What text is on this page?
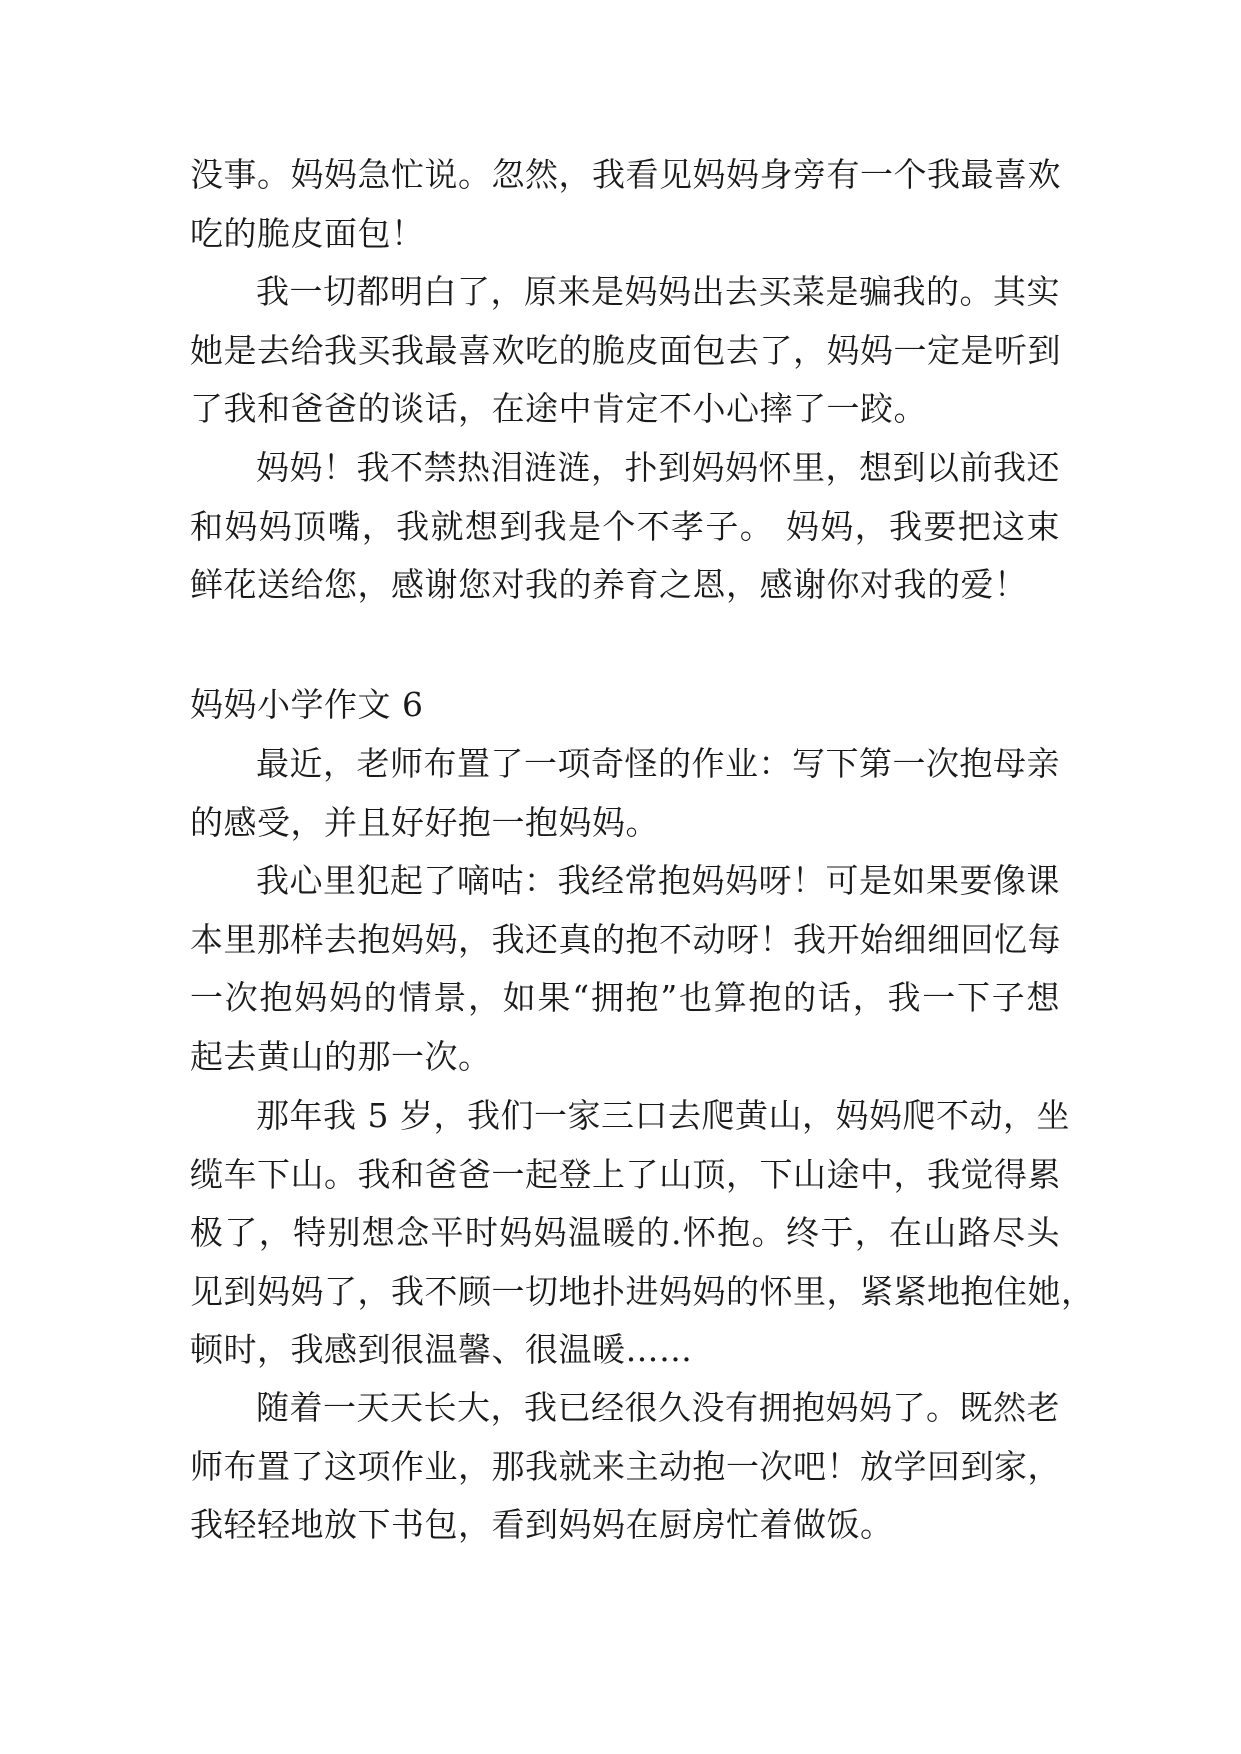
没事。妈妈急忙说。忽然，我看见妈妈身旁有一个我最喜欢
吃的脆皮面包！
我一切都明白了，原来是妈妈出去买菜是骗我的。其实
她是去给我买我最喜欢吃的脆皮面包去了，妈妈一定是听到
了我和爸爸的谈话，在途中肯定不小心摔了一跤。
妈妈！我不禁热泪涟涟，扑到妈妈怀里，想到以前我还
和妈妈顶嘴，我就想到我是个不孝子。 妈妈，我要把这束
鲜花送给您，感谢您对我的养育之恩，感谢你对我的爱！
妈妈小学作文 6
最近，老师布置了一项奇怪的作业：写下第一次抱母亲
的感受，并且好好抱一抱妈妈。
我心里犯起了嘀咕：我经常抱妈妈呀！可是如果要像课
本里那样去抱妈妈，我还真的抱不动呀！我开始细细回忆每
一次抱妈妈的情景，如果“拥抱”也算抱的话，我一下子想
起去黄山的那一次。
那年我 5 岁，我们一家三口去爬黄山，妈妈爬不动，坐
缆车下山。我和爸爸一起登上了山顶，下山途中，我觉得累
极了，特别想念平时妈妈温暖的.怀抱。终于，在山路尽头
见到妈妈了，我不顾一切地扑进妈妈的怀里，紧紧地抱住她，
顿时，我感到很温馨、很温暖……
随着一天天长大，我已经很久没有拥抱妈妈了。既然老
师布置了这项作业，那我就来主动抱一次吧！放学回到家，
我轻轻地放下书包，看到妈妈在厨房忙着做饭。
